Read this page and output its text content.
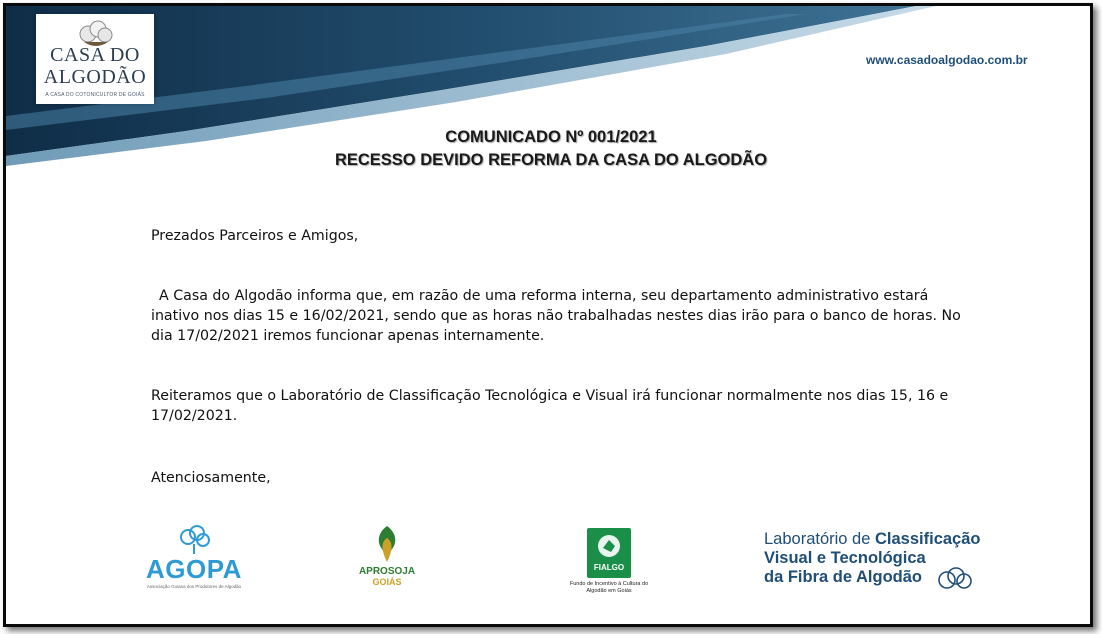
CASA DO
ALGODÃO
A CASA DO COTONICULTOR DE GOIÁS
www.casadoalgodao.com.br
COMUNICADO Nº 001/2021
RECESSO DEVIDO REFORMA DA CASA DO ALGODÃO
Prezados Parceiros e Amigos,
A Casa do Algodão informa que, em razão de uma reforma interna, seu departamento administrativo estará inativo nos dias 15 e 16/02/2021, sendo que as horas não trabalhadas nestes dias irão para o banco de horas. No dia 17/02/2021 iremos funcionar apenas internamente.
Reiteramos que o Laboratório de Classificação Tecnológica e Visual irá funcionar normalmente nos dias 15, 16 e 17/02/2021.
Atenciosamente,
AGOPA
Associação Goiana dos Produtores de Algodão
APROSOJA
GOIÁS
FIALGO
Fundo de Incentivo à Cultura do Algodão em Goiás
Laboratório de Classificação
Visual e Tecnológica
da Fibra de Algodão
